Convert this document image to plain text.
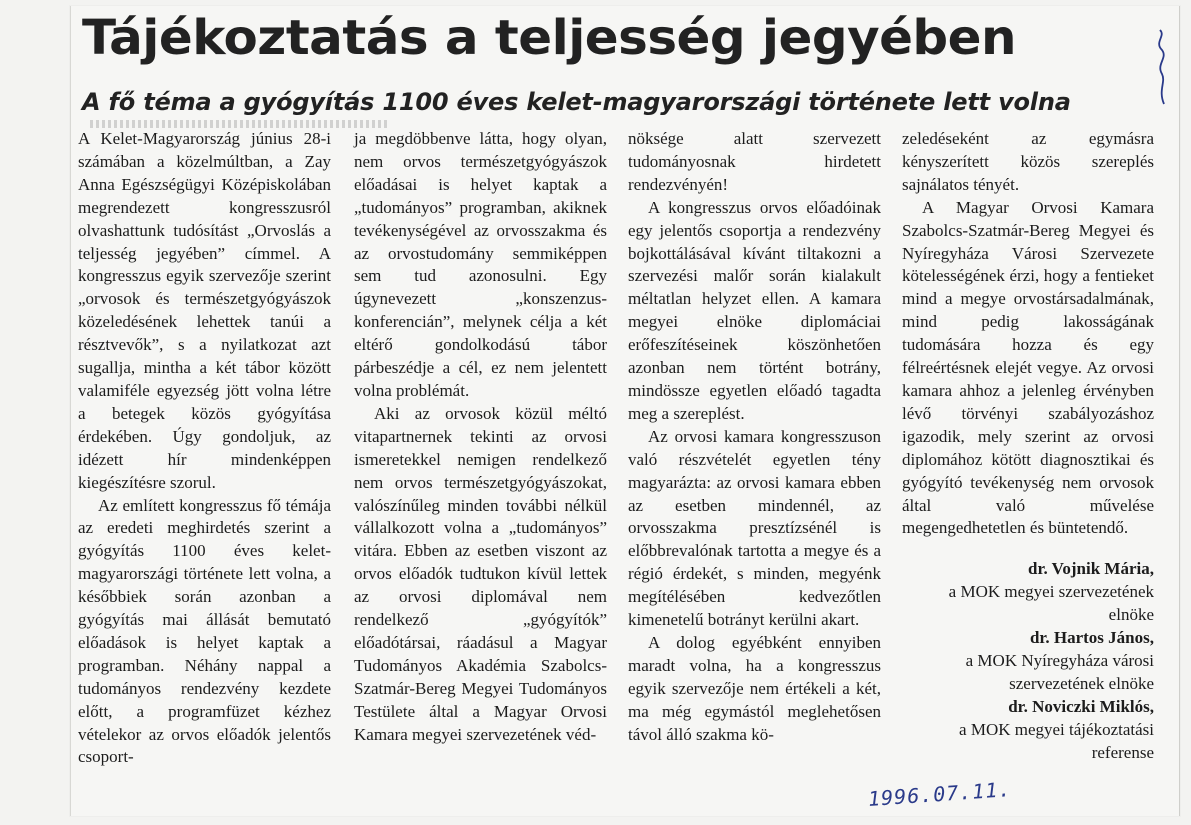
Tájékoztatás a teljesség jegyében
A fő téma a gyógyítás 1100 éves kelet-magyarországi története lett volna

A Kelet-Magyarország június 28-i számában a közelmúltban, a Zay Anna Egészségügyi Középiskolában megrendezett kongresszusról olvashattunk tudósítást „Orvoslás a teljesség jegyében” címmel. A kongresszus egyik szervezője szerint „orvosok és természetgyógyászok közeledésének lehettek tanúi a résztvevők”, s a nyilatkozat azt sugallja, mintha a két tábor között valamiféle egyezség jött volna létre a betegek közös gyógyítása érdekében. Úgy gondoljuk, az idézett hír mindenképpen kiegészítésre szorul.

Az említett kongresszus fő témája az eredeti meghirdetés szerint a gyógyítás 1100 éves kelet-magyarországi története lett volna, a későbbiek során azonban a gyógyítás mai állását bemutató előadások is helyet kaptak a programban. Néhány nappal a tudományos rendezvény kezdete előtt, a programfüzet kézhez vételekor az orvos előadók jelentős csoport-

ja megdöbbenve látta, hogy olyan, nem orvos természetgyógyászok előadásai is helyet kaptak a „tudományos” programban, akiknek tevékenységével az orvosszakma és az orvostudomány semmiképpen sem tud azonosulni. Egy úgynevezett „konszenzus-konferencián”, melynek célja a két eltérő gondolkodású tábor párbeszédje a cél, ez nem jelentett volna problémát.

Aki az orvosok közül méltó vitapartnernek tekinti az orvosi ismeretekkel nemigen rendelkező nem orvos természetgyógyászokat, valószínűleg minden további nélkül vállalkozott volna a „tudományos” vitára. Ebben az esetben viszont az orvos előadók tudtukon kívül lettek az orvosi diplomával nem rendelkező „gyógyítók” előadótársai, ráadásul a Magyar Tudományos Akadémia Szabolcs-Szatmár-Bereg Megyei Tudományos Testülete által a Magyar Orvosi Kamara megyei szervezetének véd-

nöksége alatt szervezett tudományosnak hirdetett rendezvényén!

A kongresszus orvos előadóinak egy jelentős csoportja a rendezvény bojkottálásával kívánt tiltakozni a szervezési malőr során kialakult méltatlan helyzet ellen. A kamara megyei elnöke diplomáciai erőfeszítéseinek köszönhetően azonban nem történt botrány, mindössze egyetlen előadó tagadta meg a szereplést.

Az orvosi kamara kongresszuson való részvételét egyetlen tény magyarázta: az orvosi kamara ebben az esetben mindennél, az orvosszakma presztízsénél is előbbrevalónak tartotta a megye és a régió érdekét, s minden, megyénk megítélésében kedvezőtlen kimenetelű botrányt kerülni akart.

A dolog egyébként ennyiben maradt volna, ha a kongresszus egyik szervezője nem értékeli a két, ma még egymástól meglehetősen távol álló szakma kö-

zeledéseként az egymásra kényszerített közös szereplés sajnálatos tényét.

A Magyar Orvosi Kamara Szabolcs-Szatmár-Bereg Megyei és Nyíregyháza Városi Szervezete kötelességének érzi, hogy a fentieket mind a megye orvostársadalmának, mind pedig lakosságának tudomására hozza és egy félreértésnek elejét vegye. Az orvosi kamara ahhoz a jelenleg érvényben lévő törvényi szabályozáshoz igazodik, mely szerint az orvosi diplomához kötött diagnosztikai és gyógyító tevékenység nem orvosok által való művelése megengedhetetlen és büntetendő.

dr. Vojnik Mária,
a MOK megyei szervezetének elnöke
dr. Hartos János,
a MOK Nyíregyháza városi szervezetének elnöke
dr. Noviczki Miklós,
a MOK megyei tájékoztatási referense
1996.07.11.
